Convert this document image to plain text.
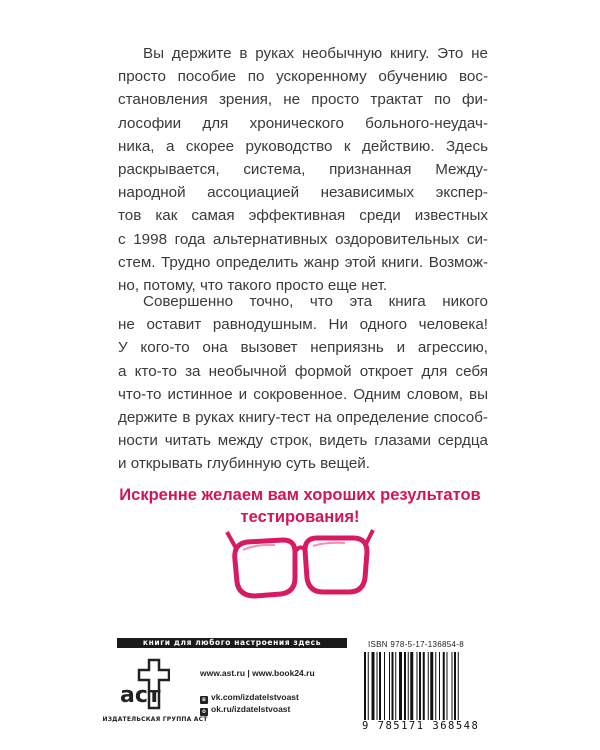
Вы держите в руках необычную книгу. Это не
просто пособие по ускоренному обучению вос-
становления зрения, не просто трактат по фи-
лософии для хронического больного-неудач-
ника, а скорее руководство к действию. Здесь
раскрывается, система, признанная Между-
народной ассоциацией независимых экспер-
тов как самая эффективная среди известных
с 1998 года альтернативных оздоровительных си-
стем. Трудно определить жанр этой книги. Возмож-
но, потому, что такого просто еще нет.
Совершенно точно, что эта книга никого
не оставит равнодушным. Ни одного человека!
У кого-то она вызовет неприязнь и агрессию,
а кто-то за необычной формой откроет для себя
что-то истинное и сокровенное. Одним словом, вы
держите в руках книгу-тест на определение способ-
ности читать между строк, видеть глазами сердца
и открывать глубинную суть вещей.
Искренне желаем вам хороших результатов
тестирования!
книги для любого настроения здесь
аст
ИЗДАТЕЛЬСКАЯ ГРУППА АСТ
www.ast.ru | www.book24.ru
в vk.com/izdatelstvoast
о ok.ru/izdatelstvoast
ISBN 978-5-17-136854-8
9 785171 368548
